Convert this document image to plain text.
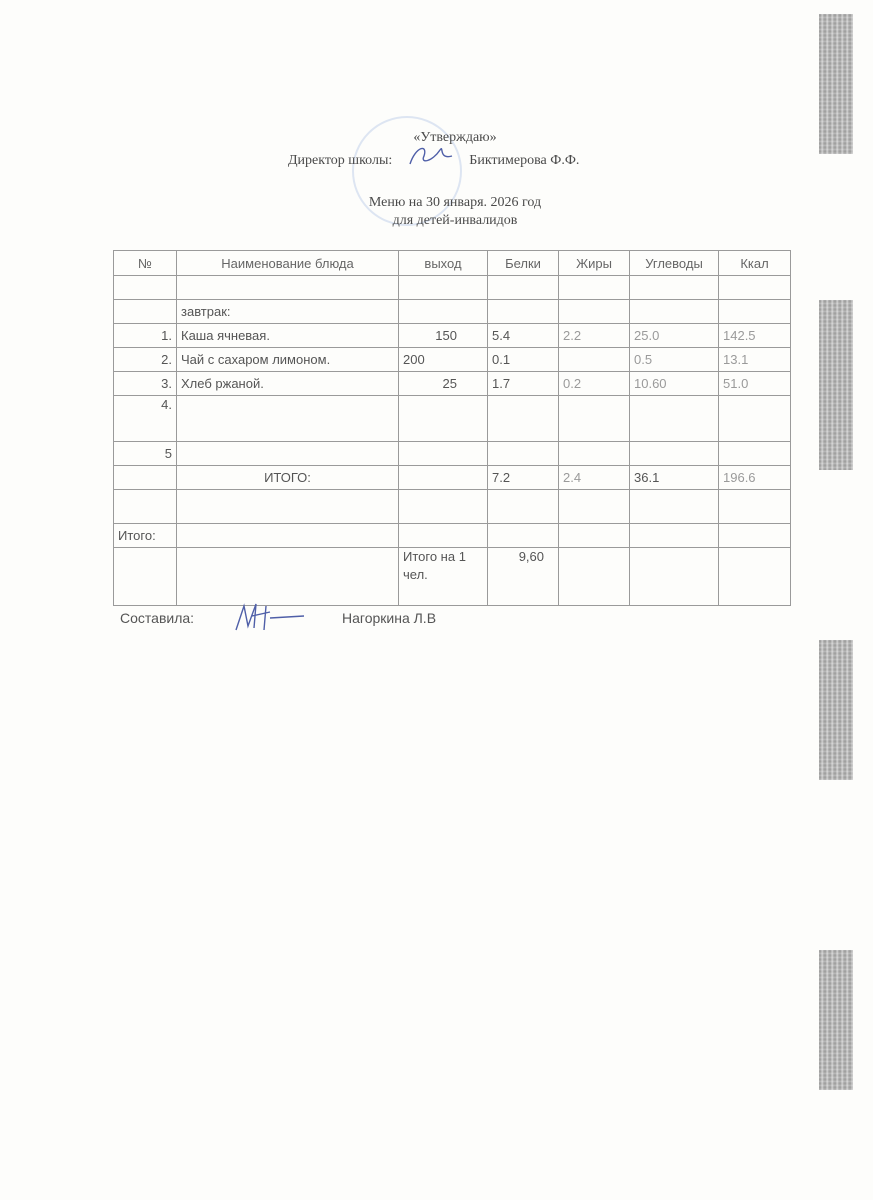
«Утверждаю»
Директор школы:	Биктимерова Ф.Ф.
Меню на 30 января. 2026 год
для детей-инвалидов
№	Наименование блюда	выход	Белки	Жиры	Углеводы	Ккал

	завтрак:					
1.	Каша ячневая.	150	5.4	2.2	25.0	142.5
2.	Чай с сахаром лимоном.	200	0.1		0.5	13.1
3.	Хлеб ржаной.	25	1.7	0.2	10.60	51.0
4.						
5						
	ИТОГО:		7.2	2.4	36.1	196.6

Итого:						
		Итого на 1 чел.	9,60			
Составила:	Нагоркина Л.В
